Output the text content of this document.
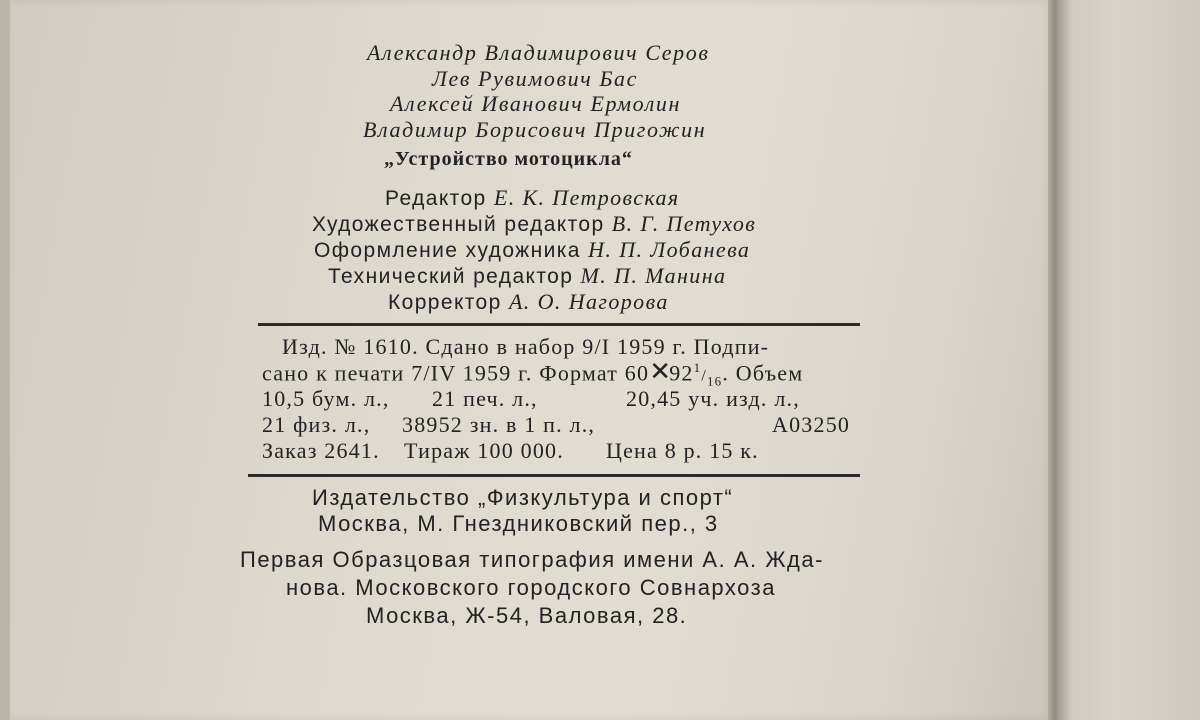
Александр Владимирович Серов
Лев Рувимович Бас
Алексей Иванович Ермолин
Владимир Борисович Пригожин
„Устройство мотоцикла“
Редактор Е. К. Петровская
Художественный редактор В. Г. Петухов
Оформление художника Н. П. Лобанева
Технический редактор М. П. Манина
Корректор А. О. Нагорова
Изд. № 1610. Сдано в набор 9/I 1959 г. Подпи-
сано к печати 7/IV 1959 г. Формат $60✕92^1/_{16}$. Объем
10,5 бум. л., 21 печ. л.,	20,45 уч. изд. л.,
21 физ. л., 38952 зн. в 1 п. л.,	А03250
Заказ 2641. Тираж 100 000. Цена 8 р. 15 к.
Издательство „Физкультура и спорт“
Москва, М. Гнездниковский пер., 3
Первая Образцовая типография имени А. А. Жда-
нова. Московского городского Совнархоза
Москва, Ж-54, Валовая, 28.
